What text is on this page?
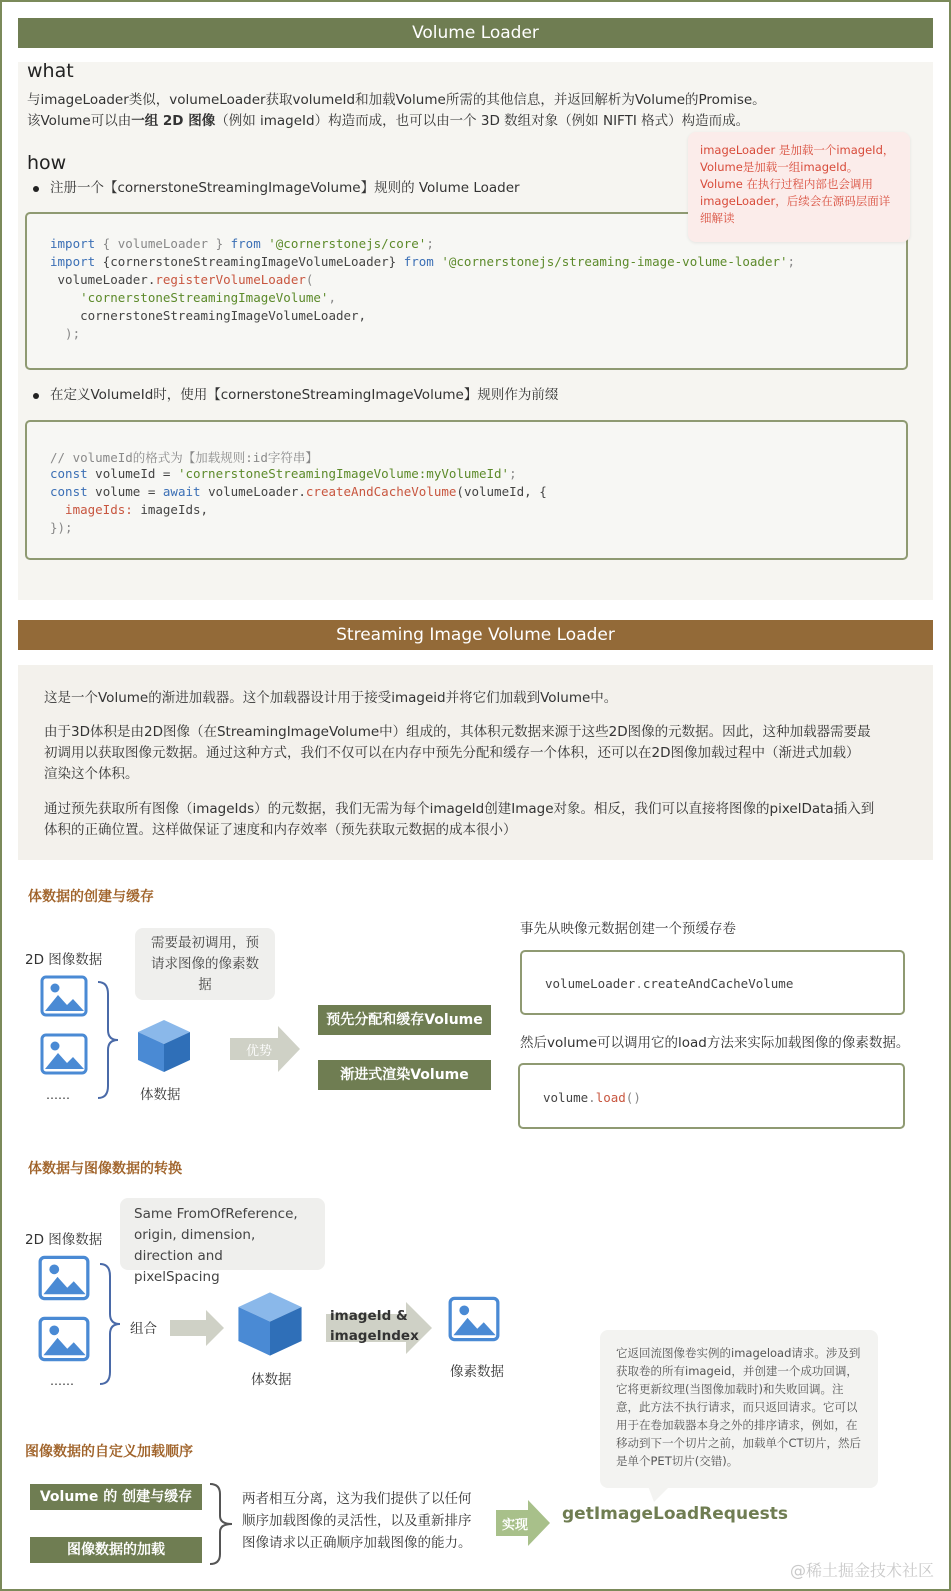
Volume Loader
what
与imageLoader类似，volumeLoader获取volumeId和加载Volume所需的其他信息，并返回解析为Volume的Promise。
该Volume可以由一组 2D 图像（例如 imageId）构造而成，也可以由一个 3D 数组对象（例如 NIFTI 格式）构造而成。
how
注册一个【cornerstoneStreamingImageVolume】规则的 Volume Loader
import { volumeLoader } from '@cornerstonejs/core';
import {cornerstoneStreamingImageVolumeLoader} from '@cornerstonejs/streaming-image-volume-loader';
volumeLoader.registerVolumeLoader(
'cornerstoneStreamingImageVolume',
cornerstoneStreamingImageVolumeLoader,
);
imageLoader 是加载一个imageId，Volume是加载一组imageId。Volume 在执行过程内部也会调用imageLoader，后续会在源码层面详细解读
在定义VolumeId时，使用【cornerstoneStreamingImageVolume】规则作为前缀
// volumeId的格式为【加载规则:id字符串】
const volumeId = 'cornerstoneStreamingImageVolume:myVolumeId';
const volume = await volumeLoader.createAndCacheVolume(volumeId, {
imageIds: imageIds,
});
Streaming Image Volume Loader
这是一个Volume的渐进加载器。这个加载器设计用于接受imageid并将它们加载到Volume中。
由于3D体积是由2D图像（在StreamingImageVolume中）组成的，其体积元数据来源于这些2D图像的元数据。因此，这种加载器需要最
初调用以获取图像元数据。通过这种方式，我们不仅可以在内存中预先分配和缓存一个体积，还可以在2D图像加载过程中（渐进式加载）
渲染这个体积。
通过预先获取所有图像（imageIds）的元数据，我们无需为每个imageId创建Image对象。相反，我们可以直接将图像的pixelData插入到
体积的正确位置。这样做保证了速度和内存效率（预先获取元数据的成本很小）
体数据的创建与缓存
2D 图像数据
……
需要最初调用，预请求图像的像素数据
体数据
优势
预先分配和缓存Volume
渐进式渲染Volume
事先从映像元数据创建一个预缓存卷
volumeLoader.createAndCacheVolume
然后volume可以调用它的load方法来实际加载图像的像素数据。
volume.load()
体数据与图像数据的转换
2D 图像数据
……
Same FromOfReference,
origin, dimension,
direction and pixelSpacing
组合
体数据
imageId &
imageIndex
像素数据
图像数据的自定义加载顺序
Volume 的 创建与缓存
图像数据的加载
两者相互分离，这为我们提供了以任何
顺序加载图像的灵活性，以及重新排序
图像请求以正确顺序加载图像的能力。
实现
getImageLoadRequests
它返回流图像卷实例的imageload请求。涉及到获取卷的所有imageid，并创建一个成功回调，它将更新纹理(当图像加载时)和失败回调。注意，此方法不执行请求，而只返回请求。它可以用于在卷加载器本身之外的排序请求，例如，在移动到下一个切片之前，加载单个CT切片，然后是单个PET切片(交错)。
@稀土掘金技术社区
